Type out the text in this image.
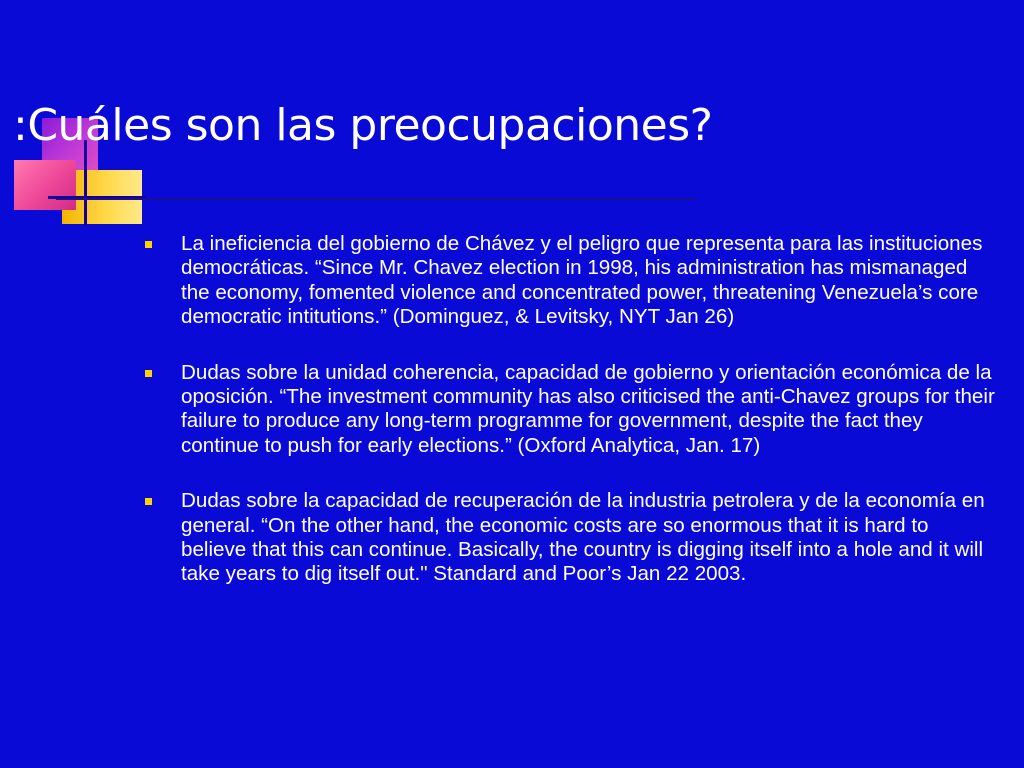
:Cuáles son las preocupaciones?

La ineficiencia del gobierno de Chávez y el peligro que representa para las instituciones democráticas. “Since Mr. Chavez election in 1998, his administration has mismanaged the economy, fomented violence and concentrated power, threatening Venezuela’s core democratic intitutions.” (Dominguez, & Levitsky, NYT Jan 26)

Dudas sobre la unidad coherencia, capacidad de gobierno y orientación económica de la oposición. “The investment community has also criticised the anti-Chavez groups for their failure to produce any long-term programme for government, despite the fact they continue to push for early elections.” (Oxford Analytica, Jan. 17)

Dudas sobre la capacidad de recuperación de la industria petrolera y de la economía en general. “On the other hand, the economic costs are so enormous that it is hard to believe that this can continue. Basically, the country is digging itself into a hole and it will take years to dig itself out." Standard and Poor’s Jan 22 2003.
